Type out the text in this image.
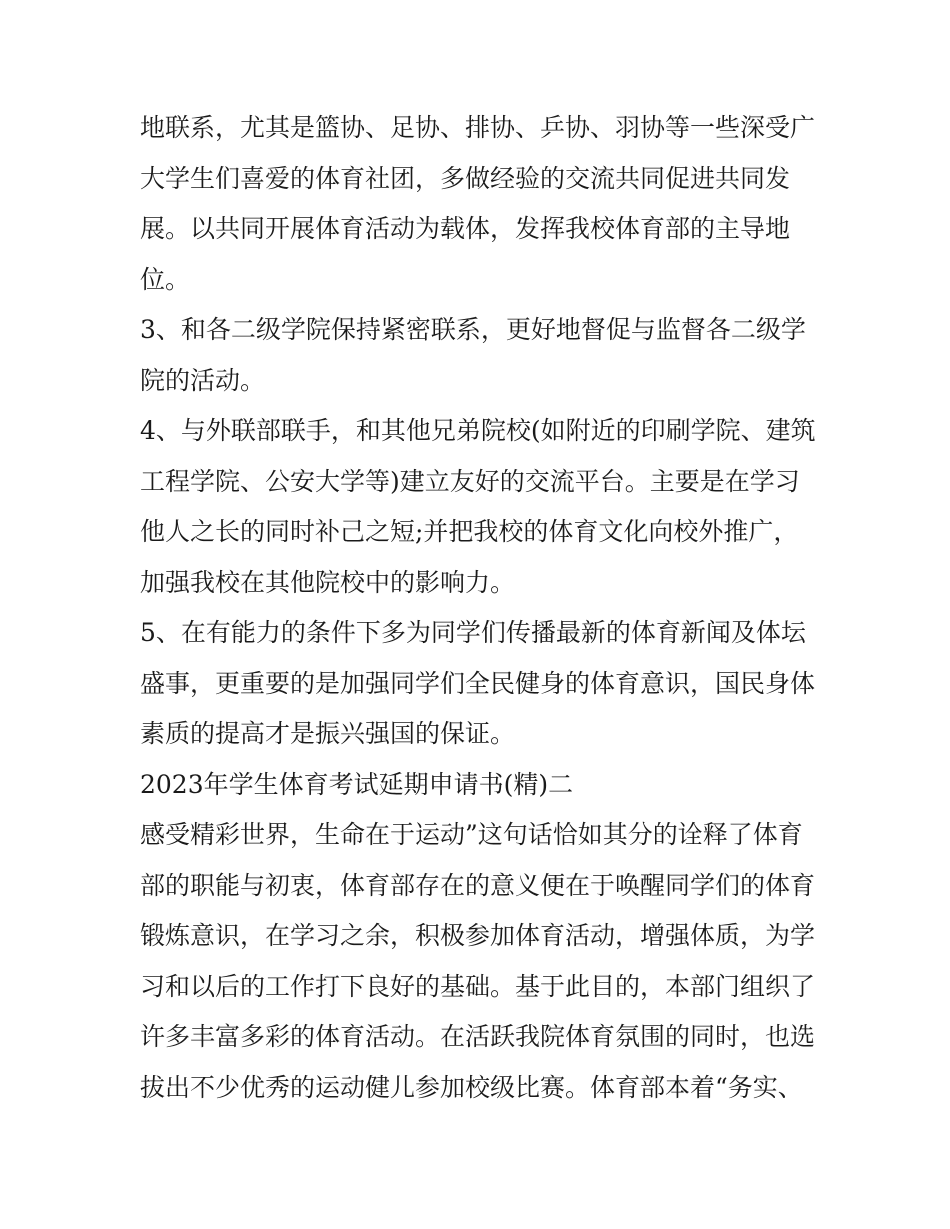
地联系，尤其是篮协、足协、排协、乒协、羽协等一些深受广

大学生们喜爱的体育社团，多做经验的交流共同促进共同发

展。以共同开展体育活动为载体，发挥我校体育部的主导地

位。

3、和各二级学院保持紧密联系，更好地督促与监督各二级学

院的活动。

4、与外联部联手，和其他兄弟院校(如附近的印刷学院、建筑

工程学院、公安大学等)建立友好的交流平台。主要是在学习

他人之长的同时补己之短;并把我校的体育文化向校外推广，

加强我校在其他院校中的影响力。

5、在有能力的条件下多为同学们传播最新的体育新闻及体坛

盛事，更重要的是加强同学们全民健身的体育意识，国民身体

素质的提高才是振兴强国的保证。

2023年学生体育考试延期申请书(精)二

感受精彩世界，生命在于运动”这句话恰如其分的诠释了体育

部的职能与初衷，体育部存在的意义便在于唤醒同学们的体育

锻炼意识，在学习之余，积极参加体育活动，增强体质，为学

习和以后的工作打下良好的基础。基于此目的，本部门组织了

许多丰富多彩的体育活动。在活跃我院体育氛围的同时，也选

拔出不少优秀的运动健儿参加校级比赛。体育部本着“务实、
